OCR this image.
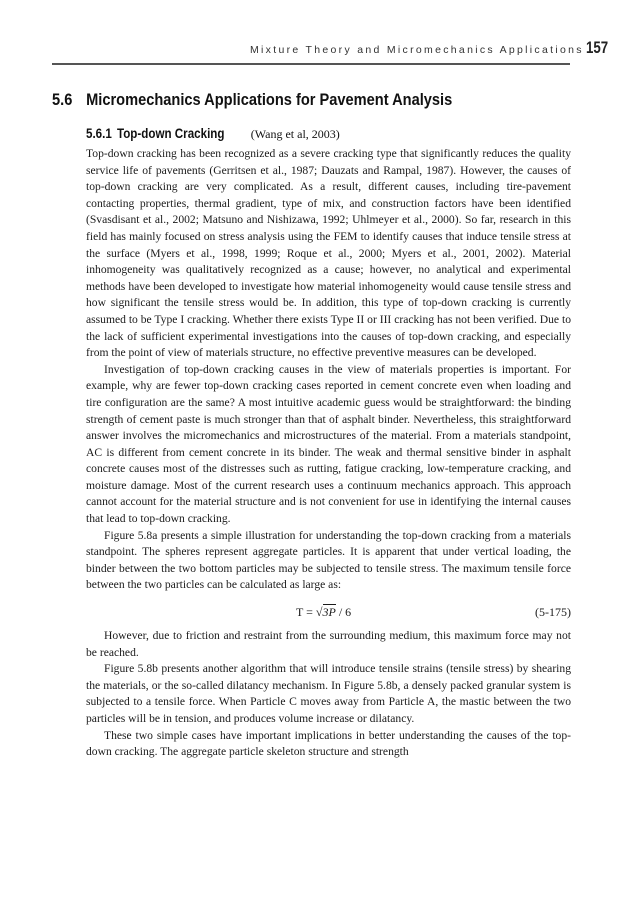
Mixture Theory and Micromechanics Applications 157
5.6 Micromechanics Applications for Pavement Analysis
5.6.1 Top-down Cracking (Wang et al, 2003)

Top-down cracking has been recognized as a severe cracking type that significantly reduces the quality service life of pavements (Gerritsen et al., 1987; Dauzats and Rampal, 1987). However, the causes of top-down cracking are very complicated. As a result, different causes, including tire-pavement contacting properties, thermal gradient, type of mix, and construction factors have been identified (Svasdisant et al., 2002; Matsuno and Nishizawa, 1992; Uhlmeyer et al., 2000). So far, research in this field has mainly focused on stress analysis using the FEM to identify causes that induce tensile stress at the surface (Myers et al., 1998, 1999; Roque et al., 2000; Myers et al., 2001, 2002). Material inhomogeneity was qualitatively recognized as a cause; however, no analytical and experimental methods have been developed to investigate how material inhomogeneity would cause tensile stress and how significant the tensile stress would be. In addition, this type of top-down cracking is currently assumed to be Type I cracking. Whether there exists Type II or III cracking has not been verified. Due to the lack of sufficient experimental investigations into the causes of top-down cracking, and especially from the point of view of materials structure, no effective preventive measures can be developed.

Investigation of top-down cracking causes in the view of materials properties is important. For example, why are fewer top-down cracking cases reported in cement concrete even when loading and tire configuration are the same? A most intuitive academic guess would be straightforward: the binding strength of cement paste is much stronger than that of asphalt binder. Nevertheless, this straightforward answer involves the micromechanics and microstructures of the material. From a materials standpoint, AC is different from cement concrete in its binder. The weak and thermal sensitive binder in asphalt concrete causes most of the distresses such as rutting, fatigue cracking, low-temperature cracking, and moisture damage. Most of the current research uses a continuum mechanics approach. This approach cannot account for the material structure and is not convenient for use in identifying the internal causes that lead to top-down cracking.

Figure 5.8a presents a simple illustration for understanding the top-down cracking from a materials standpoint. The spheres represent aggregate particles. It is apparent that under vertical loading, the binder between the two bottom particles may be subjected to tensile stress. The maximum tensile force between the two particles can be calculated as large as:

T = √3P / 6	(5-175)

However, due to friction and restraint from the surrounding medium, this maximum force may not be reached.

Figure 5.8b presents another algorithm that will introduce tensile strains (tensile stress) by shearing the materials, or the so-called dilatancy mechanism. In Figure 5.8b, a densely packed granular system is subjected to a tensile force. When Particle C moves away from Particle A, the mastic between the two particles will be in tension, and produces volume increase or dilatancy.

These two simple cases have important implications in better understanding the causes of the top-down cracking. The aggregate particle skeleton structure and strength
